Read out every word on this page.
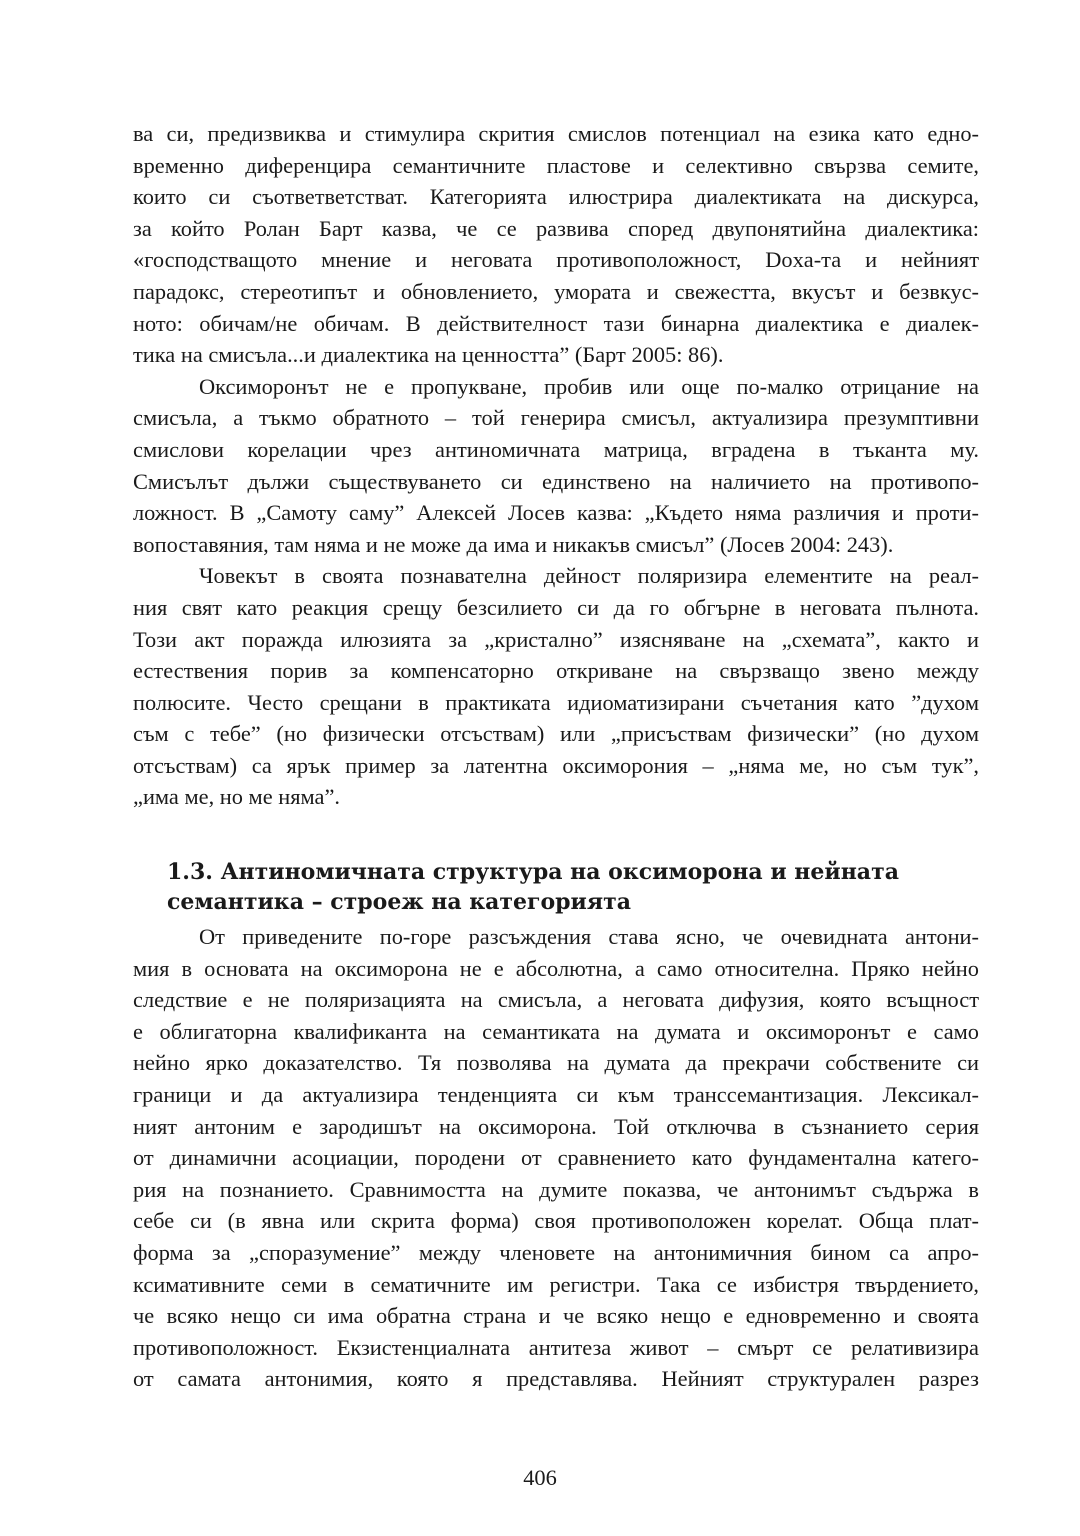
ва си, предизвиква и стимулира скрития смислов потенциал на езика като едно-
временно диференцира семантичните пластове и селективно свързва семите,
които си съответветстват. Категорията илюстрира диалектиката на дискурса,
за който Ролан Барт казва, че се развива според двупонятийна диалектика:
«господстващото мнение и неговата противоположност, Doxa-та и нейният
парадокс, стереотипът и обновлението, умората и свежестта, вкусът и безвкус-
ното: обичам/не обичам. В действителност тази бинарна диалектика е диалек-
тика на смисъла...и диалектика на ценността” (Барт 2005: 86).
Оксиморонът не е пропукване, пробив или още по-малко отрицание на
смисъла, а тъкмо обратното – той генерира смисъл, актуализира презумптивни
смислови корелации чрез антиномичната матрица, вградена в тъканта му.
Смисълът дължи съществуването си единствено на наличието на противопо-
ложност. В „Самоту саму” Алексей Лосев казва: „Където няма различия и проти-
вопоставяния, там няма и не може да има и никакъв смисъл” (Лосев 2004: 243).
Човекът в своята познавателна дейност поляризира елементите на реал-
ния свят като реакция срещу безсилието си да го обгърне в неговата пълнота.
Този акт поражда илюзията за „кристално” изясняване на „схемата”, както и
естествения порив за компенсаторно откриване на свързващо звено между
полюсите. Често срещани в практиката идиоматизирани съчетания като ”духом
съм с тебе” (но физически отсъствам) или „присъствам физически” (но духом
отсъствам) са ярък пример за латентна оксиморония – „няма ме, но съм тук”,
„има ме, но ме няма”.
1.3. Антиномичната структура на оксиморона и нейната
семантика – строеж на категорията
От приведените по-горе разсъждения става ясно, че очевидната антони-
мия в основата на оксиморона не е абсолютна, а само относителна. Пряко нейно
следствие е не поляризацията на смисъла, а неговата дифузия, която всъщност
е облигаторна квалификанта на семантиката на думата и оксиморонът е само
нейно ярко доказателство. Тя позволява на думата да прекрачи собствените си
граници и да актуализира тенденцията си към транссемантизация. Лексикал-
ният антоним е зародишът на оксиморона. Той отключва в съзнанието серия
от динамични асоциации, породени от сравнението като фундаментална катего-
рия на познанието. Сравнимостта на думите показва, че антонимът съдържа в
себе си (в явна или скрита форма) своя противоположен корелат. Обща плат-
форма за „споразумение” между членовете на антонимичния бином са апро-
ксимативните семи в сематичните им регистри. Така се избистря твърдението,
че всяко нещо си има обратна страна и че всяко нещо е едновременно и своята
противоположност. Екзистенциалната антитеза живот – смърт се релативизира
от самата антонимия, която я представлява. Нейният структурален разрез
406
